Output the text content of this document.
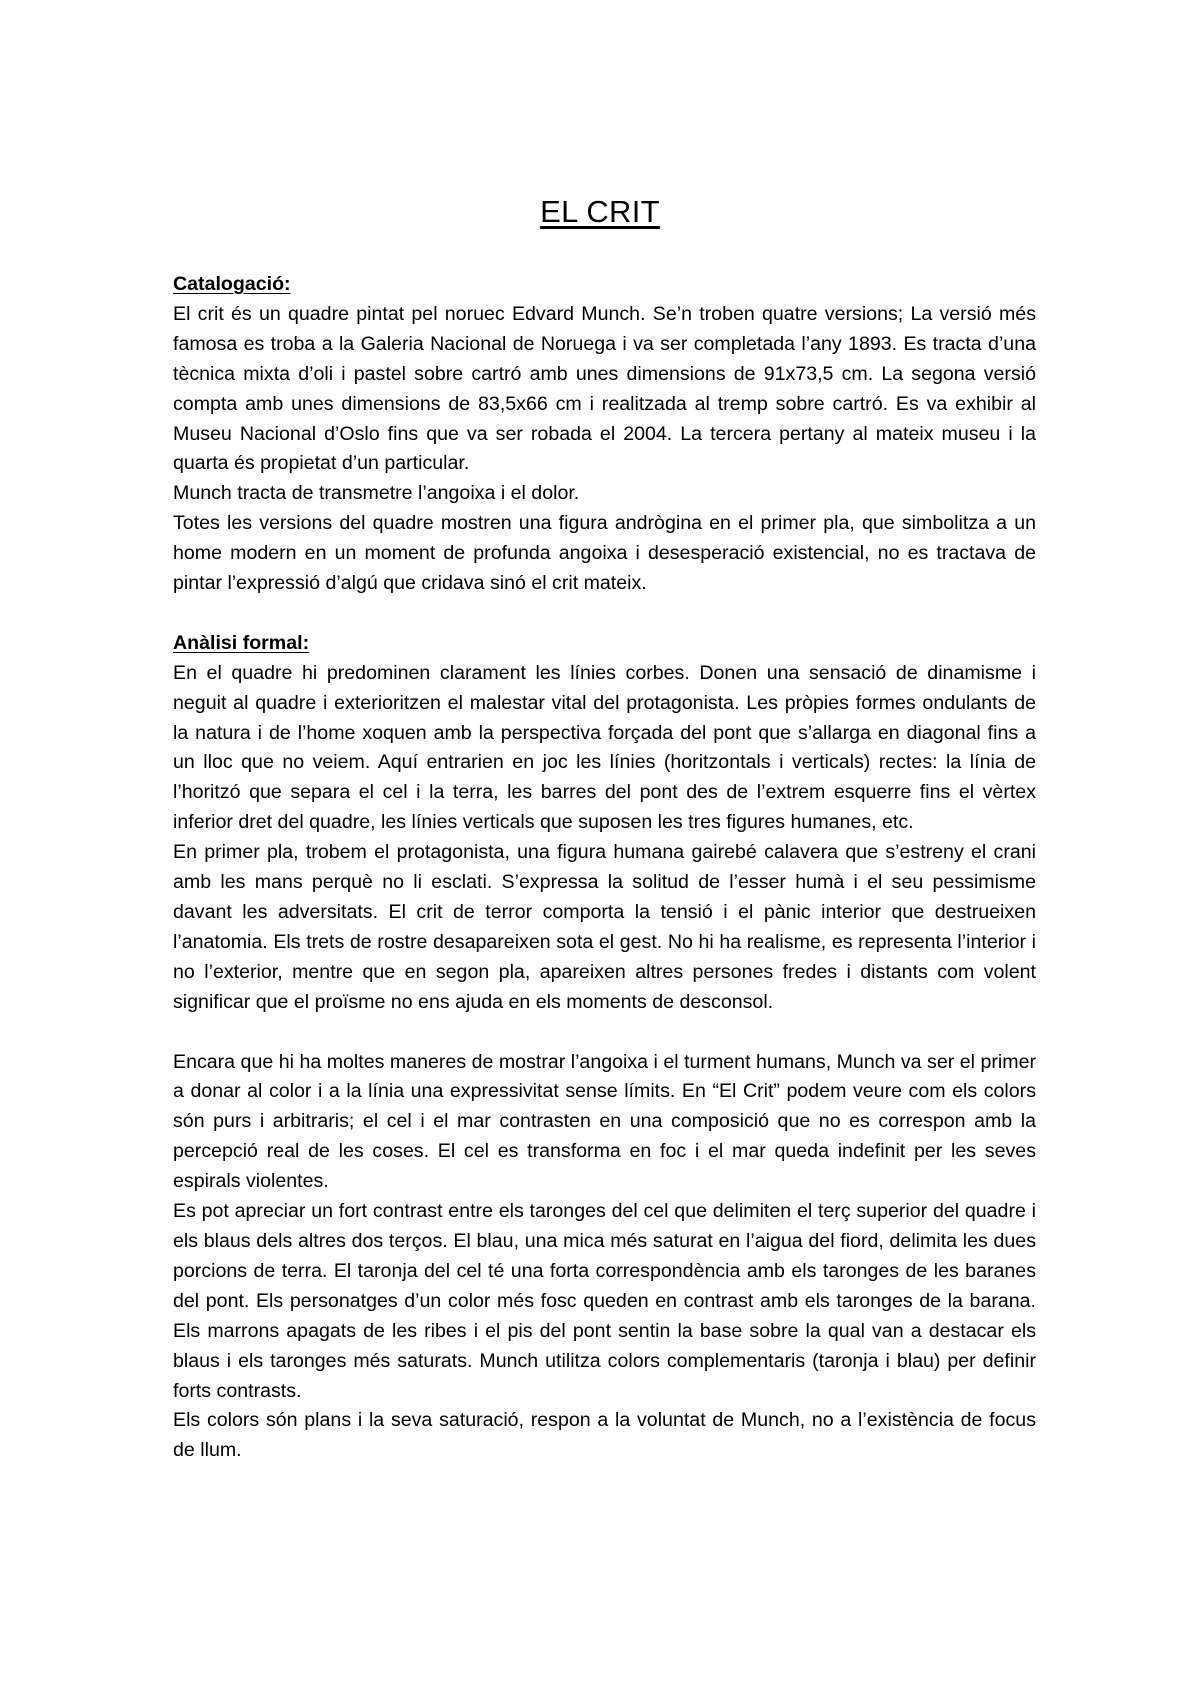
EL CRIT
Catalogació:

El crit és un quadre pintat pel noruec Edvard Munch. Se’n troben quatre versions; La versió més famosa es troba a la Galeria Nacional de Noruega i va ser completada l’any 1893. Es tracta d’una tècnica mixta d’oli i pastel sobre cartró amb unes dimensions de 91x73,5 cm. La segona versió compta amb unes dimensions de 83,5x66 cm i realitzada al tremp sobre cartró. Es va exhibir al Museu Nacional d’Oslo fins que va ser robada el 2004. La tercera pertany al mateix museu i la quarta és propietat d’un particular.

Munch tracta de transmetre l’angoixa i el dolor.

Totes les versions del quadre mostren una figura andrògina en el primer pla, que simbolitza a un home modern en un moment de profunda angoixa i desesperació existencial, no es tractava de pintar l’expressió d’algú que cridava sinó el crit mateix.

Anàlisi formal:

En el quadre hi predominen clarament les línies corbes. Donen una sensació de dinamisme i neguit al quadre i exterioritzen el malestar vital del protagonista. Les pròpies formes ondulants de la natura i de l’home xoquen amb la perspectiva forçada del pont que s’allarga en diagonal fins a un lloc que no veiem. Aquí entrarien en joc les línies (horitzontals i verticals) rectes: la línia de l’horitzó que separa el cel i la terra, les barres del pont des de l’extrem esquerre fins el vèrtex inferior dret del quadre, les línies verticals que suposen les tres figures humanes, etc.

En primer pla, trobem el protagonista, una figura humana gairebé calavera que s’estreny el crani amb les mans perquè no li esclati. S’expressa la solitud de l’esser humà i el seu pessimisme davant les adversitats. El crit de terror comporta la tensió i el pànic interior que destrueixen l’anatomia. Els trets de rostre desapareixen sota el gest. No hi ha realisme, es representa l’interior i no l’exterior, mentre que en segon pla, apareixen altres persones fredes i distants com volent significar que el proïsme no ens ajuda en els moments de desconsol.

Encara que hi ha moltes maneres de mostrar l’angoixa i el turment humans, Munch va ser el primer a donar al color i a la línia una expressivitat sense límits. En “El Crit” podem veure com els colors són purs i arbitraris; el cel i el mar contrasten en una composició que no es correspon amb la percepció real de les coses. El cel es transforma en foc i el mar queda indefinit per les seves espirals violentes.

Es pot apreciar un fort contrast entre els taronges del cel que delimiten el terç superior del quadre i els blaus dels altres dos terços. El blau, una mica més saturat en l’aigua del fiord, delimita les dues porcions de terra. El taronja del cel té una forta correspondència amb els taronges de les baranes del pont. Els personatges d’un color més fosc queden en contrast amb els taronges de la barana. Els marrons apagats de les ribes i el pis del pont sentin la base sobre la qual van a destacar els blaus i els taronges més saturats. Munch utilitza colors complementaris (taronja i blau) per definir forts contrasts.

Els colors són plans i la seva saturació, respon a la voluntat de Munch, no a l’existència de focus de llum.
